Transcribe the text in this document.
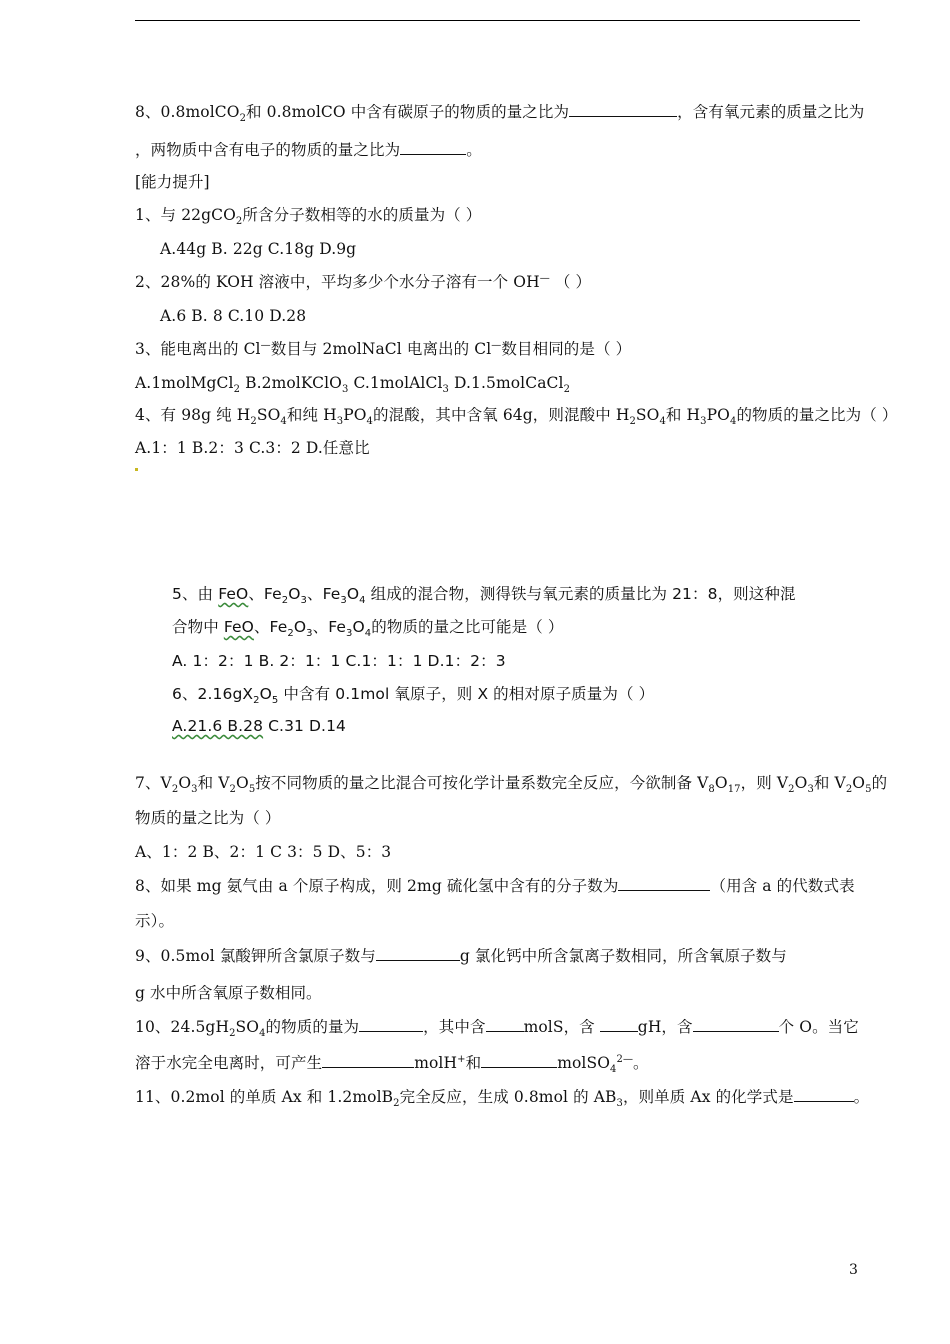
8、0.8molCO$_2$和 0.8molCO 中含有碳原子的物质的量之比为	，含有氧元素的质量之比为
，两物质中含有电子的物质的量之比为	。
[能力提升]
1、与 22gCO$_2$所含分子数相等的水的质量为（ ）
A.44g B. 22g C.18g D.9g
2、28%的 KOH 溶液中，平均多少个水分子溶有一个 OH— （ ）
A.6 B. 8 C.10 D.28
3、能电离出的 Cl—数目与 2molNaCl 电离出的 Cl—数目相同的是（ ）
A.1molMgCl$_2$ B.2molKClO$_3$ C.1molAlCl$_3$ D.1.5molCaCl$_2$
4、有 98g 纯 $H_2SO_4$和纯 $H_3PO_4$的混酸，其中含氧 64g，则混酸中 $H_2SO_4$和 $H_3PO_4$的物质的量之比为（ ）
A.1：1 B.2：3 C.3：2 D.任意比
5、由 FeO、$Fe_2O_3$、$Fe_3O_4$ 组成的混合物，测得铁与氧元素的质量比为 21：8，则这种混
合物中 FeO、$Fe_2O_3$、$Fe_3O_4$的物质的量之比可能是（ ）
A. 1：2：1 B. 2：1：1 C.1：1：1 D.1：2：3
6、$2.16gX_2O_5$ 中含有 0.1mol 氧原子，则 X 的相对原子质量为（ ）
A.21.6 B.28 C.31 D.14
7、$V_2O_3$和 $V_2O_5$按不同物质的量之比混合可按化学计量系数完全反应，今欲制备 $V_8O_{17}$，则 $V_2O_3$和 $V_2O_5$的
物质的量之比为（ ）
A、1：2 B、2：1 C 3：5 D、5：3
8、如果 mg 氨气由 a 个原子构成，则 2mg 硫化氢中含有的分子数为	（用含 a 的代数式表
示）。
9、0.5mol 氯酸钾所含氯原子数与	g 氯化钙中所含氯离子数相同，所含氧原子数与
g 水中所含氧原子数相同。
10、$24.5gH_2SO_4$的物质的量为	，其中含 molS，含 gH，含	个 O。当它
溶于水完全电离时，可产生	molH+和	molSO$_4^{2—}$。
11、0.2mol 的单质 Ax 和 1.2molB$_2$完全反应，生成 0.8mol 的 $AB_3$，则单质 Ax 的化学式是	。
3
